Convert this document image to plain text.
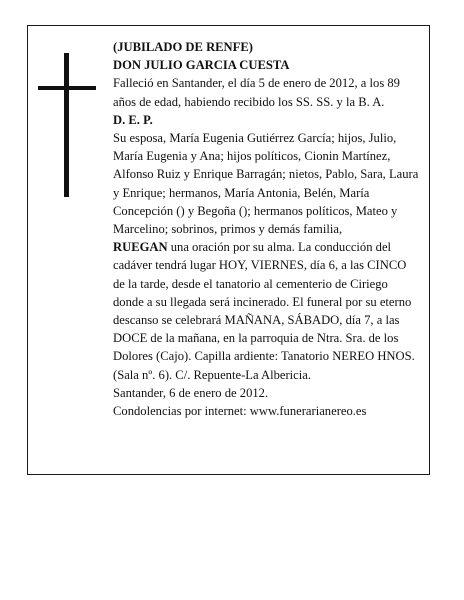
(JUBILADO DE RENFE)

DON JULIO GARCIA CUESTA

Falleció en Santander, el día 5 de enero de 2012, a los 89 años de edad, habiendo recibido los SS. SS. y la B. A.

D. E. P.

Su esposa, María Eugenia Gutiérrez García; hijos, Julio, María Eugenia y Ana; hijos políticos, Cionin Martínez, Alfonso Ruiz y Enrique Barragán; nietos, Pablo, Sara, Laura y Enrique; hermanos, María Antonia, Belén, María Concepción () y Begoña (); hermanos políticos, Mateo y Marcelino; sobrinos, primos y demás familia,

RUEGAN una oración por su alma. La conducción del cadáver tendrá lugar HOY, VIERNES, día 6, a las CINCO de la tarde, desde el tanatorio al cementerio de Ciriego donde a su llegada será incinerado. El funeral por su eterno descanso se celebrará MAÑANA, SÁBADO, día 7, a las DOCE de la mañana, en la parroquia de Ntra. Sra. de los Dolores (Cajo). Capilla ardiente: Tanatorio NEREO HNOS. (Sala nº. 6). C/. Repuente-La Albericia.

Santander, 6 de enero de 2012.

Condolencias por internet: www.funerarianereo.es
